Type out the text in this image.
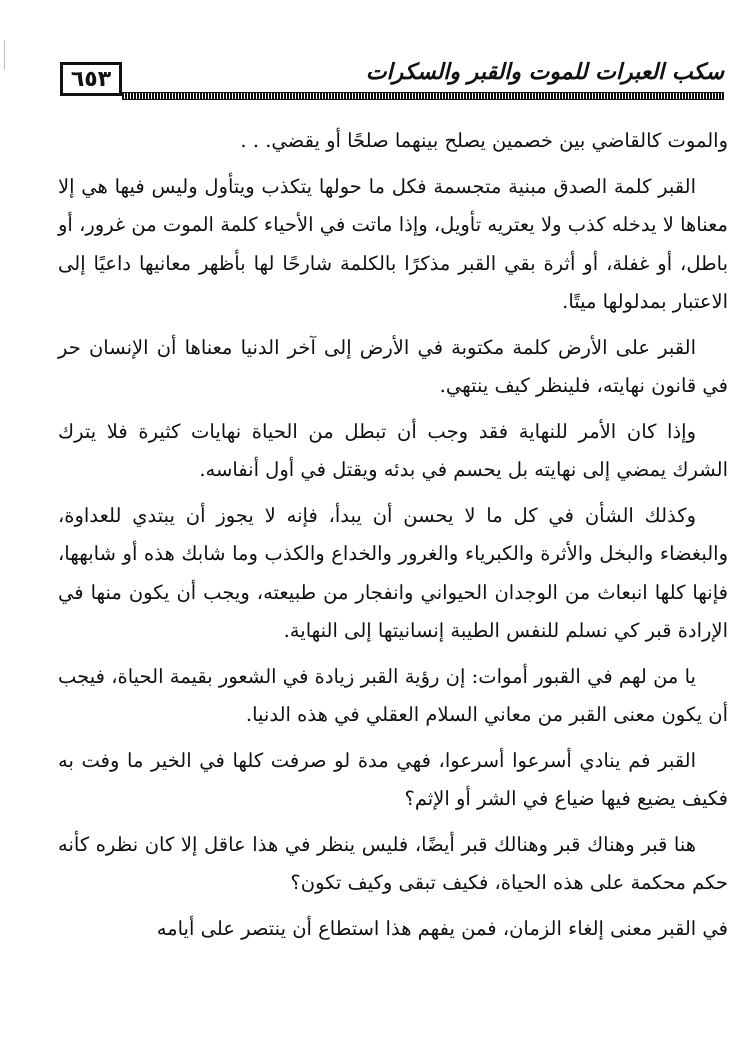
٦٥٣	سكب العبرات للموت والقبر والسكرات

والموت كالقاضي بين خصمين يصلح بينهما صلحًا أو يقضي. . .

القبر كلمة الصدق مبنية متجسمة فكل ما حولها يتكذب ويتأول وليس فيها هي إلا معناها لا يدخله كذب ولا يعتريه تأويل، وإذا ماتت في الأحياء كلمة الموت من غرور، أو باطل، أو غفلة، أو أثرة بقي القبر مذكرًا بالكلمة شارحًا لها بأظهر معانيها داعيًا إلى الاعتبار بمدلولها ميتًا.

القبر على الأرض كلمة مكتوبة في الأرض إلى آخر الدنيا معناها أن الإنسان حر في قانون نهايته، فلينظر كيف ينتهي.

وإذا كان الأمر للنهاية فقد وجب أن تبطل من الحياة نهايات كثيرة فلا يترك الشرك يمضي إلى نهايته بل يحسم في بدئه ويقتل في أول أنفاسه.

وكذلك الشأن في كل ما لا يحسن أن يبدأ، فإنه لا يجوز أن يبتدي للعداوة، والبغضاء والبخل والأثرة والكبرياء والغرور والخداع والكذب وما شابك هذه أو شابهها، فإنها كلها انبعاث من الوجدان الحيواني وانفجار من طبيعته، ويجب أن يكون منها في الإرادة قبر كي نسلم للنفس الطيبة إنسانيتها إلى النهاية.

يا من لهم في القبور أموات: إن رؤية القبر زيادة في الشعور بقيمة الحياة، فيجب أن يكون معنى القبر من معاني السلام العقلي في هذه الدنيا.

القبر فم ينادي أسرعوا أسرعوا، فهي مدة لو صرفت كلها في الخير ما وفت به فكيف يضيع فيها ضياع في الشر أو الإثم؟

هنا قبر وهناك قبر وهنالك قبر أيضًا، فليس ينظر في هذا عاقل إلا كان نظره كأنه حكم محكمة على هذه الحياة، فكيف تبقى وكيف تكون؟

في القبر معنى إلغاء الزمان، فمن يفهم هذا استطاع أن ينتصر على أيامه
